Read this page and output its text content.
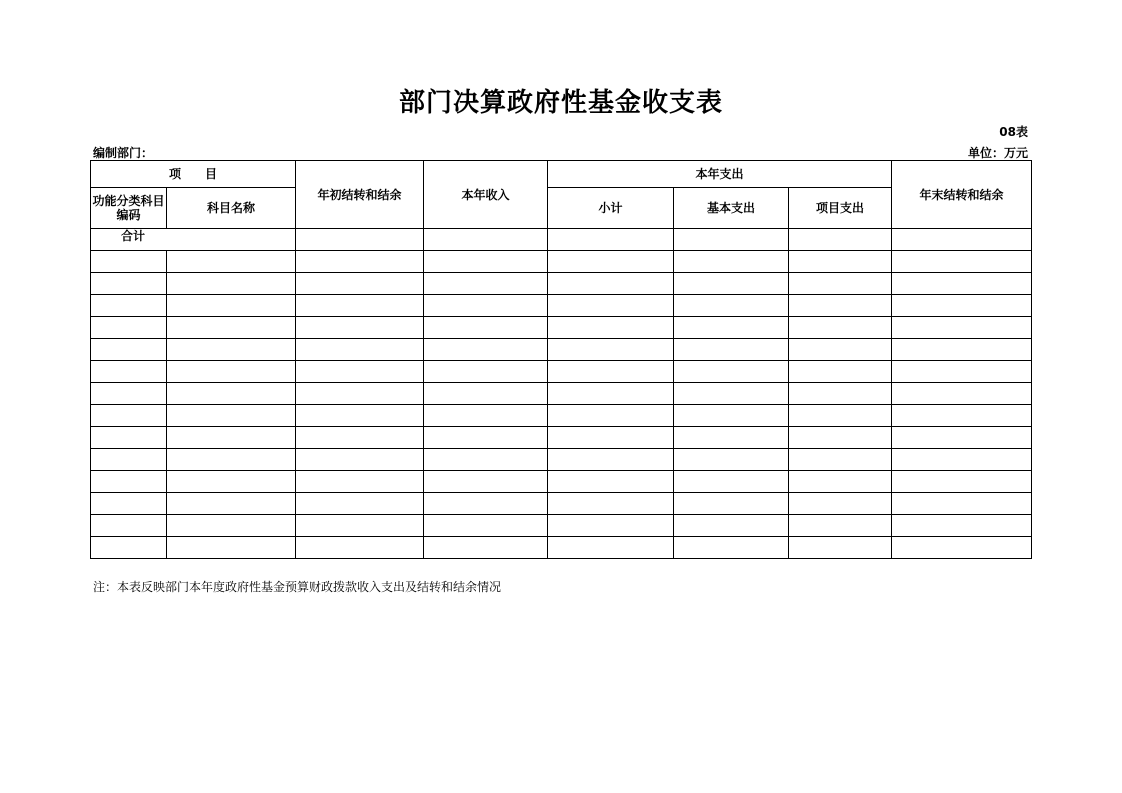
部门决算政府性基金收支表
08表
编制部门：	单位：万元
项　　目		年初结转和结余	本年收入	本年支出			年末结转和结余
功能分类科目编码	科目名称			小计	基本支出	项目支出	
合计							

注：本表反映部门本年度政府性基金预算财政拨款收入支出及结转和结余情况
